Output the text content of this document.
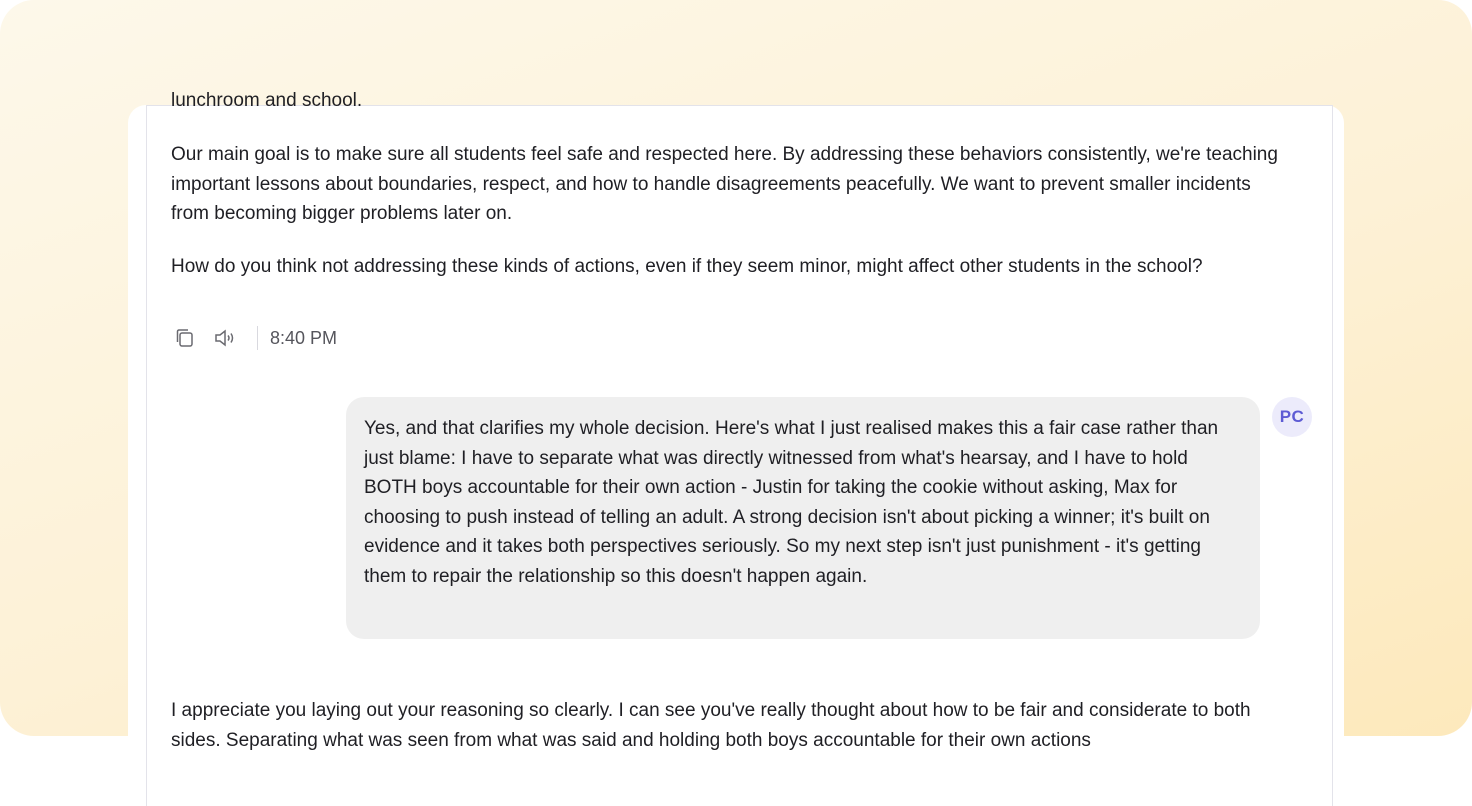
lunchroom and school.

Our main goal is to make sure all students feel safe and respected here. By addressing these behaviors consistently, we're teaching important lessons about boundaries, respect, and how to handle disagreements peacefully. We want to prevent smaller incidents from becoming bigger problems later on.

How do you think not addressing these kinds of actions, even if they seem minor, might affect other students in the school?

8:40 PM
Yes, and that clarifies my whole decision. Here's what I just realised makes this a fair case rather than just blame: I have to separate what was directly witnessed from what's hearsay, and I have to hold BOTH boys accountable for their own action - Justin for taking the cookie without asking, Max for choosing to push instead of telling an adult. A strong decision isn't about picking a winner; it's built on evidence and it takes both perspectives seriously. So my next step isn't just punishment - it's getting them to repair the relationship so this doesn't happen again.
PC

I appreciate you laying out your reasoning so clearly. I can see you've really thought about how to be fair and considerate to both sides. Separating what was seen from what was said and holding both boys accountable for their own actions
